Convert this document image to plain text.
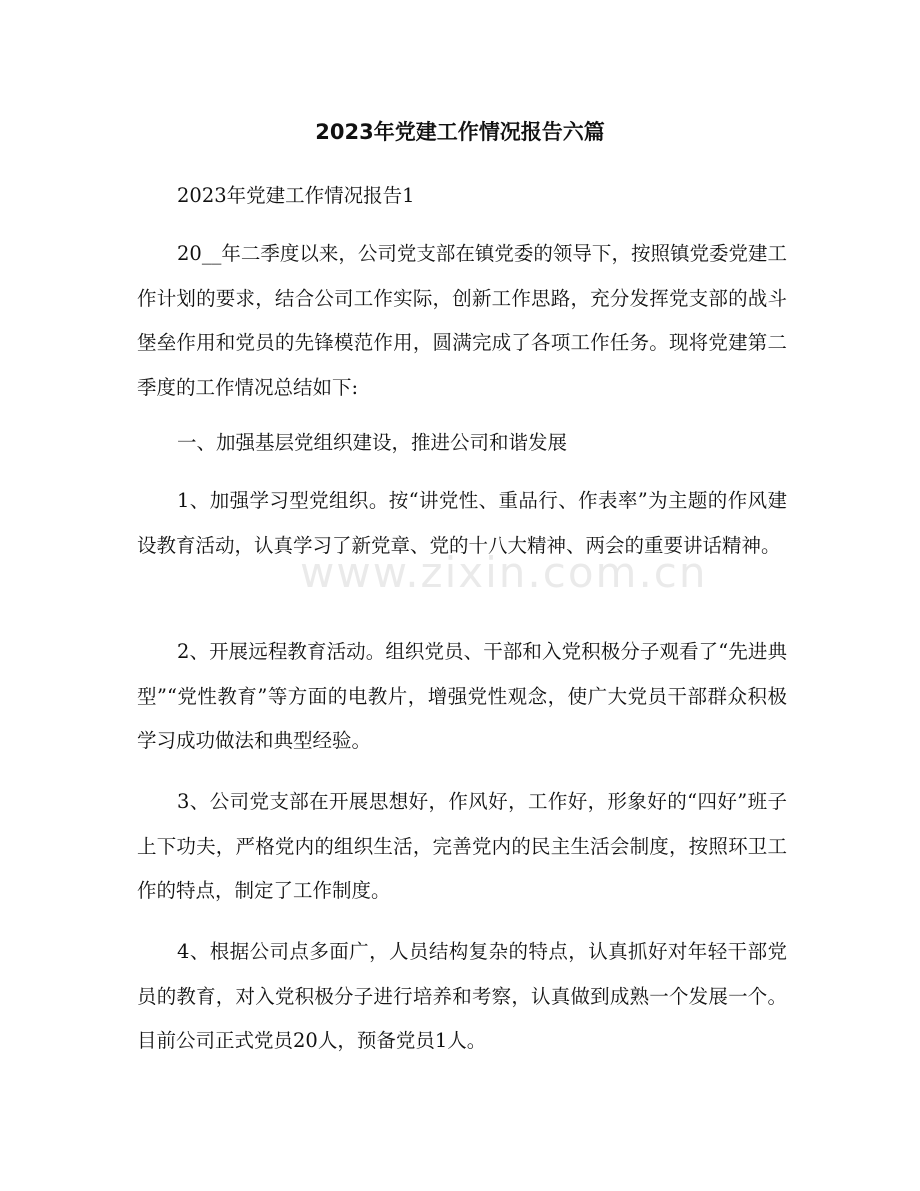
2023年党建工作情况报告六篇

2023年党建工作情况报告1

20__年二季度以来，公司党支部在镇党委的领导下，按照镇党委党建工作计划的要求，结合公司工作实际，创新工作思路，充分发挥党支部的战斗堡垒作用和党员的先锋模范作用，圆满完成了各项工作任务。现将党建第二季度的工作情况总结如下:

一、加强基层党组织建设，推进公司和谐发展

1、加强学习型党组织。按“讲党性、重品行、作表率”为主题的作风建设教育活动，认真学习了新党章、党的十八大精神、两会的重要讲话精神。

2、开展远程教育活动。组织党员、干部和入党积极分子观看了“先进典型”“党性教育”等方面的电教片，增强党性观念，使广大党员干部群众积极学习成功做法和典型经验。

3、公司党支部在开展思想好，作风好，工作好，形象好的“四好”班子上下功夫，严格党内的组织生活，完善党内的民主生活会制度，按照环卫工作的特点，制定了工作制度。

4、根据公司点多面广，人员结构复杂的特点，认真抓好对年轻干部党员的教育，对入党积极分子进行培养和考察，认真做到成熟一个发展一个。目前公司正式党员20人，预备党员1人。

www.zixin.com.cn
